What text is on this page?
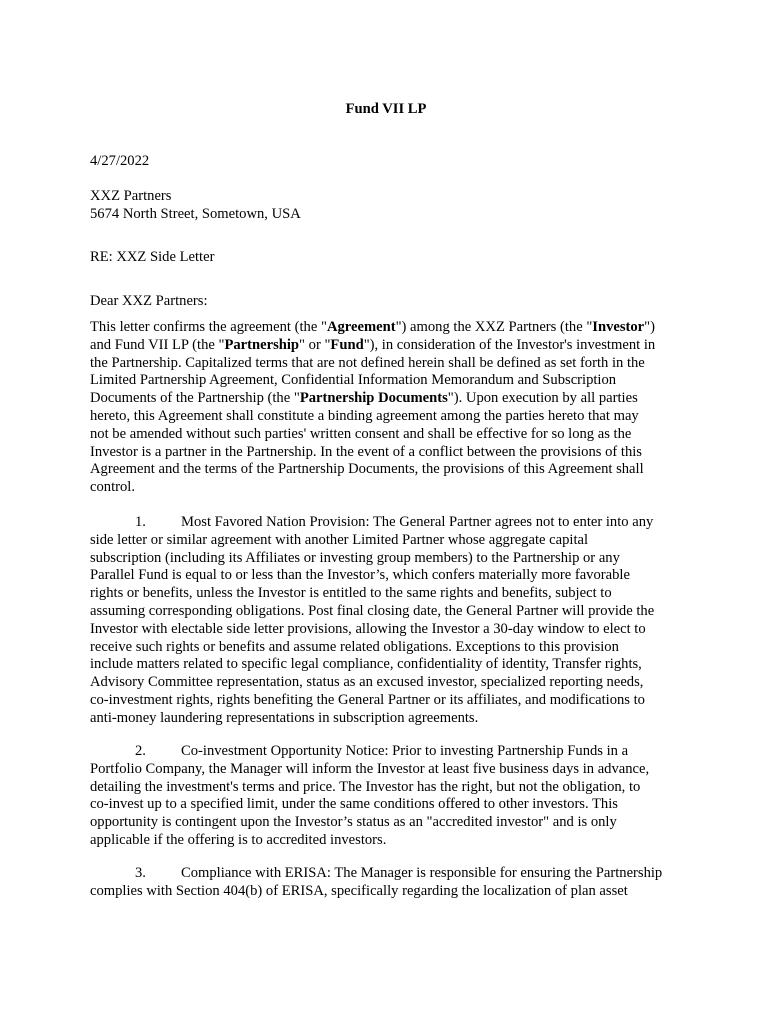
Fund VII LP
4/27/2022
XXZ Partners
5674 North Street, Sometown, USA
RE: XXZ Side Letter
Dear XXZ Partners:

This letter confirms the agreement (the "Agreement") among the XXZ Partners (the "Investor")
and Fund VII LP (the "Partnership" or "Fund"), in consideration of the Investor's investment in
the Partnership. Capitalized terms that are not defined herein shall be defined as set forth in the
Limited Partnership Agreement, Confidential Information Memorandum and Subscription
Documents of the Partnership (the "Partnership Documents"). Upon execution by all parties
hereto, this Agreement shall constitute a binding agreement among the parties hereto that may
not be amended without such parties' written consent and shall be effective for so long as the
Investor is a partner in the Partnership. In the event of a conflict between the provisions of this
Agreement and the terms of the Partnership Documents, the provisions of this Agreement shall
control.

1. Most Favored Nation Provision: The General Partner agrees not to enter into any
side letter or similar agreement with another Limited Partner whose aggregate capital
subscription (including its Affiliates or investing group members) to the Partnership or any
Parallel Fund is equal to or less than the Investor’s, which confers materially more favorable
rights or benefits, unless the Investor is entitled to the same rights and benefits, subject to
assuming corresponding obligations. Post final closing date, the General Partner will provide the
Investor with electable side letter provisions, allowing the Investor a 30-day window to elect to
receive such rights or benefits and assume related obligations. Exceptions to this provision
include matters related to specific legal compliance, confidentiality of identity, Transfer rights,
Advisory Committee representation, status as an excused investor, specialized reporting needs,
co-investment rights, rights benefiting the General Partner or its affiliates, and modifications to
anti-money laundering representations in subscription agreements.

2. Co-investment Opportunity Notice: Prior to investing Partnership Funds in a
Portfolio Company, the Manager will inform the Investor at least five business days in advance,
detailing the investment's terms and price. The Investor has the right, but not the obligation, to
co-invest up to a specified limit, under the same conditions offered to other investors. This
opportunity is contingent upon the Investor’s status as an "accredited investor" and is only
applicable if the offering is to accredited investors.

3. Compliance with ERISA: The Manager is responsible for ensuring the Partnership
complies with Section 404(b) of ERISA, specifically regarding the localization of plan asset
